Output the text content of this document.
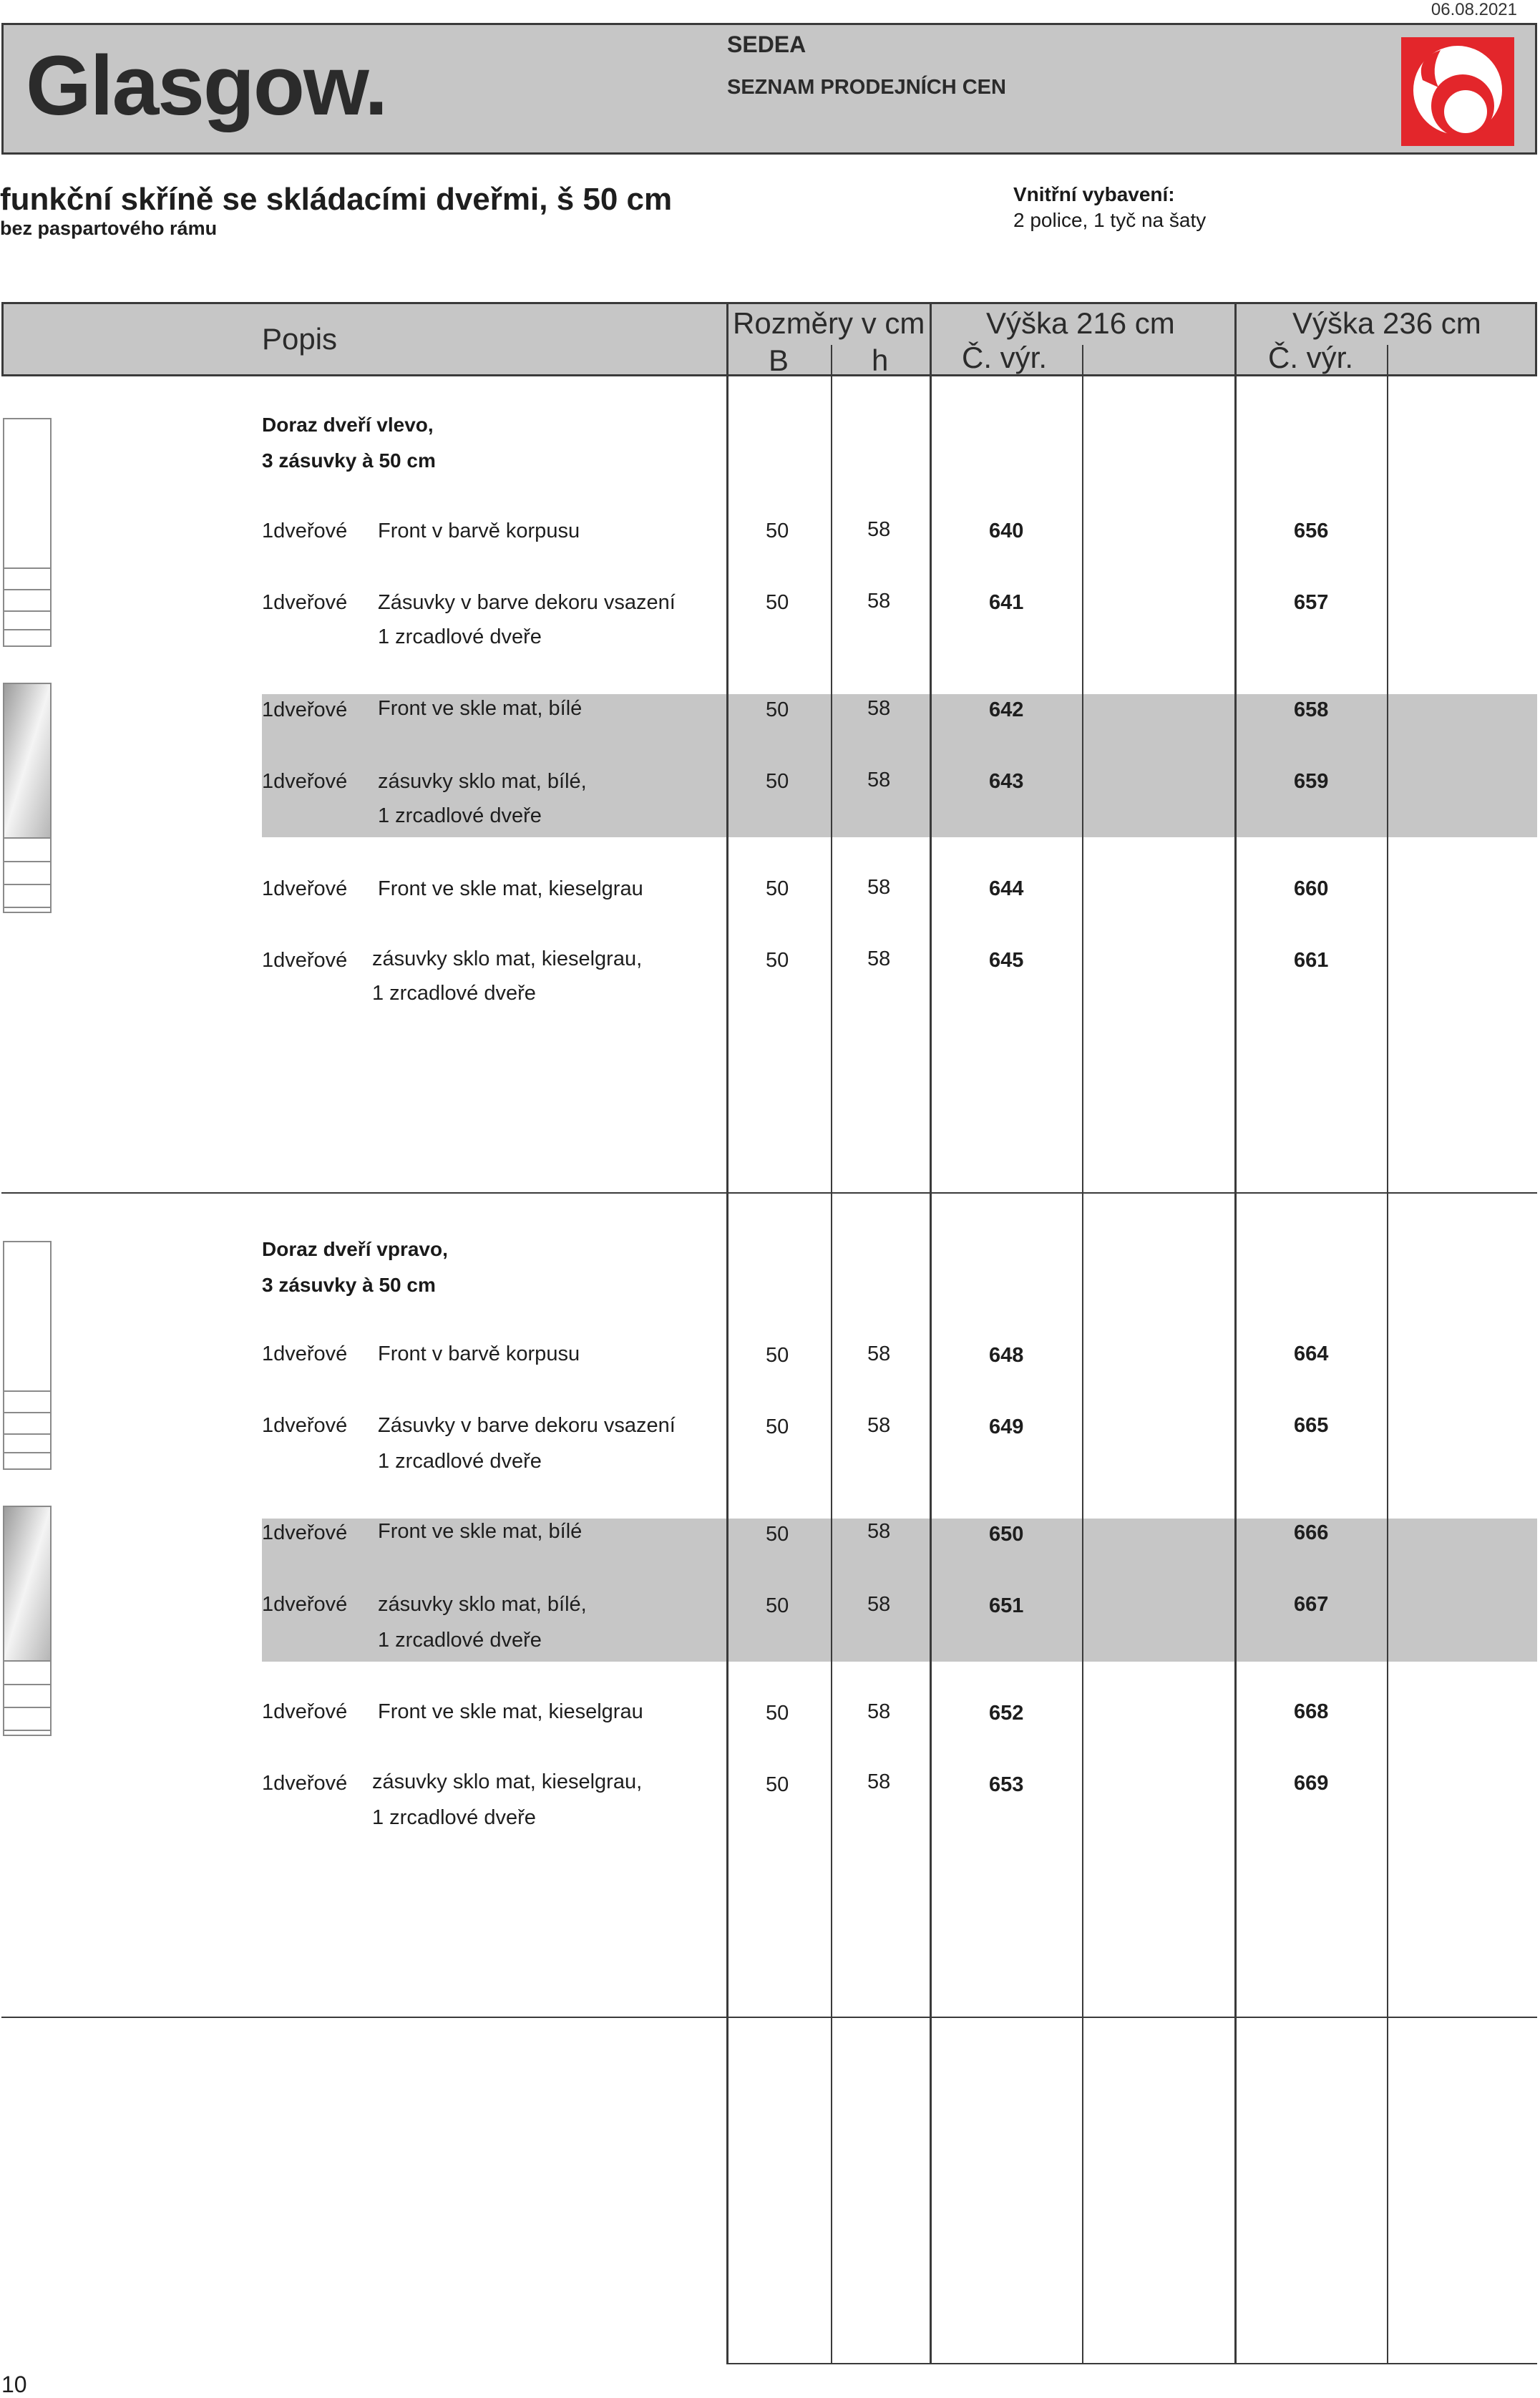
06.08.2021
Glasgow.	SEDEA
SEZNAM PRODEJNÍCH CEN
funkční skříně se skládacími dveřmi, š 50 cm
bez paspartového rámu
Vnitřní vybavení:
2 police, 1 tyč na šaty
Popis	Rozměry v cm
B	h
Výška 216 cm	Výška 236 cm
Č. výr.	Č. výr.
Doraz dveří vlevo,
3 zásuvky à 50 cm
1dveřové Front v barvě korpusu	50	58	640	656
1dveřové Zásuvky v barve dekoru vsazení
1 zrcadlové dveře
50	58	641	657
1dveřové Front ve skle mat, bílé	50	58	642	658
1dveřové zásuvky sklo mat, bílé,
1 zrcadlové dveře
50	58	643	659
1dveřové Front ve skle mat, kieselgrau	50	58	644	660
1dveřové zásuvky sklo mat, kieselgrau,
1 zrcadlové dveře
50	58	645	661
Doraz dveří vpravo,
3 zásuvky à 50 cm
1dveřové Front v barvě korpusu	50	58	648	664
1dveřové Zásuvky v barve dekoru vsazení
1 zrcadlové dveře
50	58	649	665
1dveřové Front ve skle mat, bílé	50	58	650	666
1dveřové zásuvky sklo mat, bílé,
1 zrcadlové dveře
50	58	651	667
1dveřové Front ve skle mat, kieselgrau	50	58	652	668
1dveřové zásuvky sklo mat, kieselgrau,
1 zrcadlové dveře
50	58	653	669
10
